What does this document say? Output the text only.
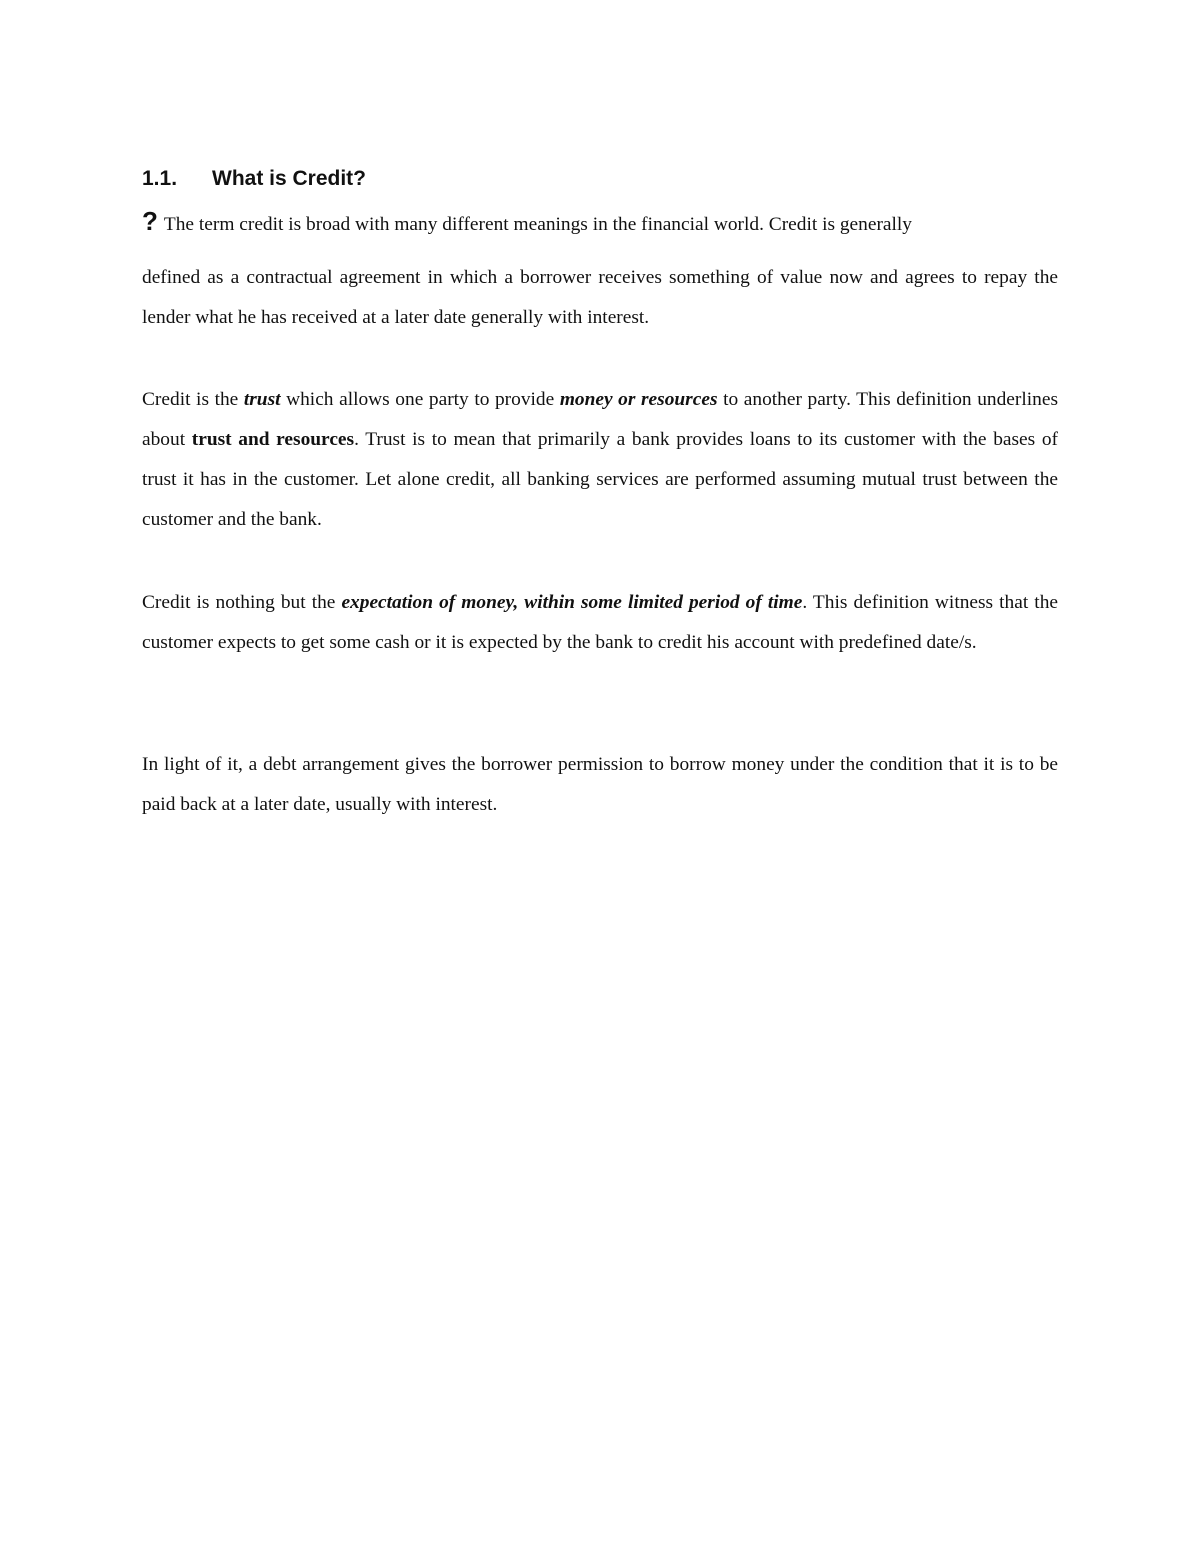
1.1. What is Credit?
? The term credit is broad with many different meanings in the financial world. Credit is generally
defined as a contractual agreement in which a borrower receives something of value now and agrees to repay the lender what he has received at a later date generally with interest.
Credit is the trust which allows one party to provide money or resources to another party. This definition underlines about trust and resources. Trust is to mean that primarily a bank provides loans to its customer with the bases of trust it has in the customer. Let alone credit, all banking services are performed assuming mutual trust between the customer and the bank.
Credit is nothing but the expectation of money, within some limited period of time. This definition witness that the customer expects to get some cash or it is expected by the bank to credit his account with predefined date/s.
In light of it, a debt arrangement gives the borrower permission to borrow money under the condition that it is to be paid back at a later date, usually with interest.
